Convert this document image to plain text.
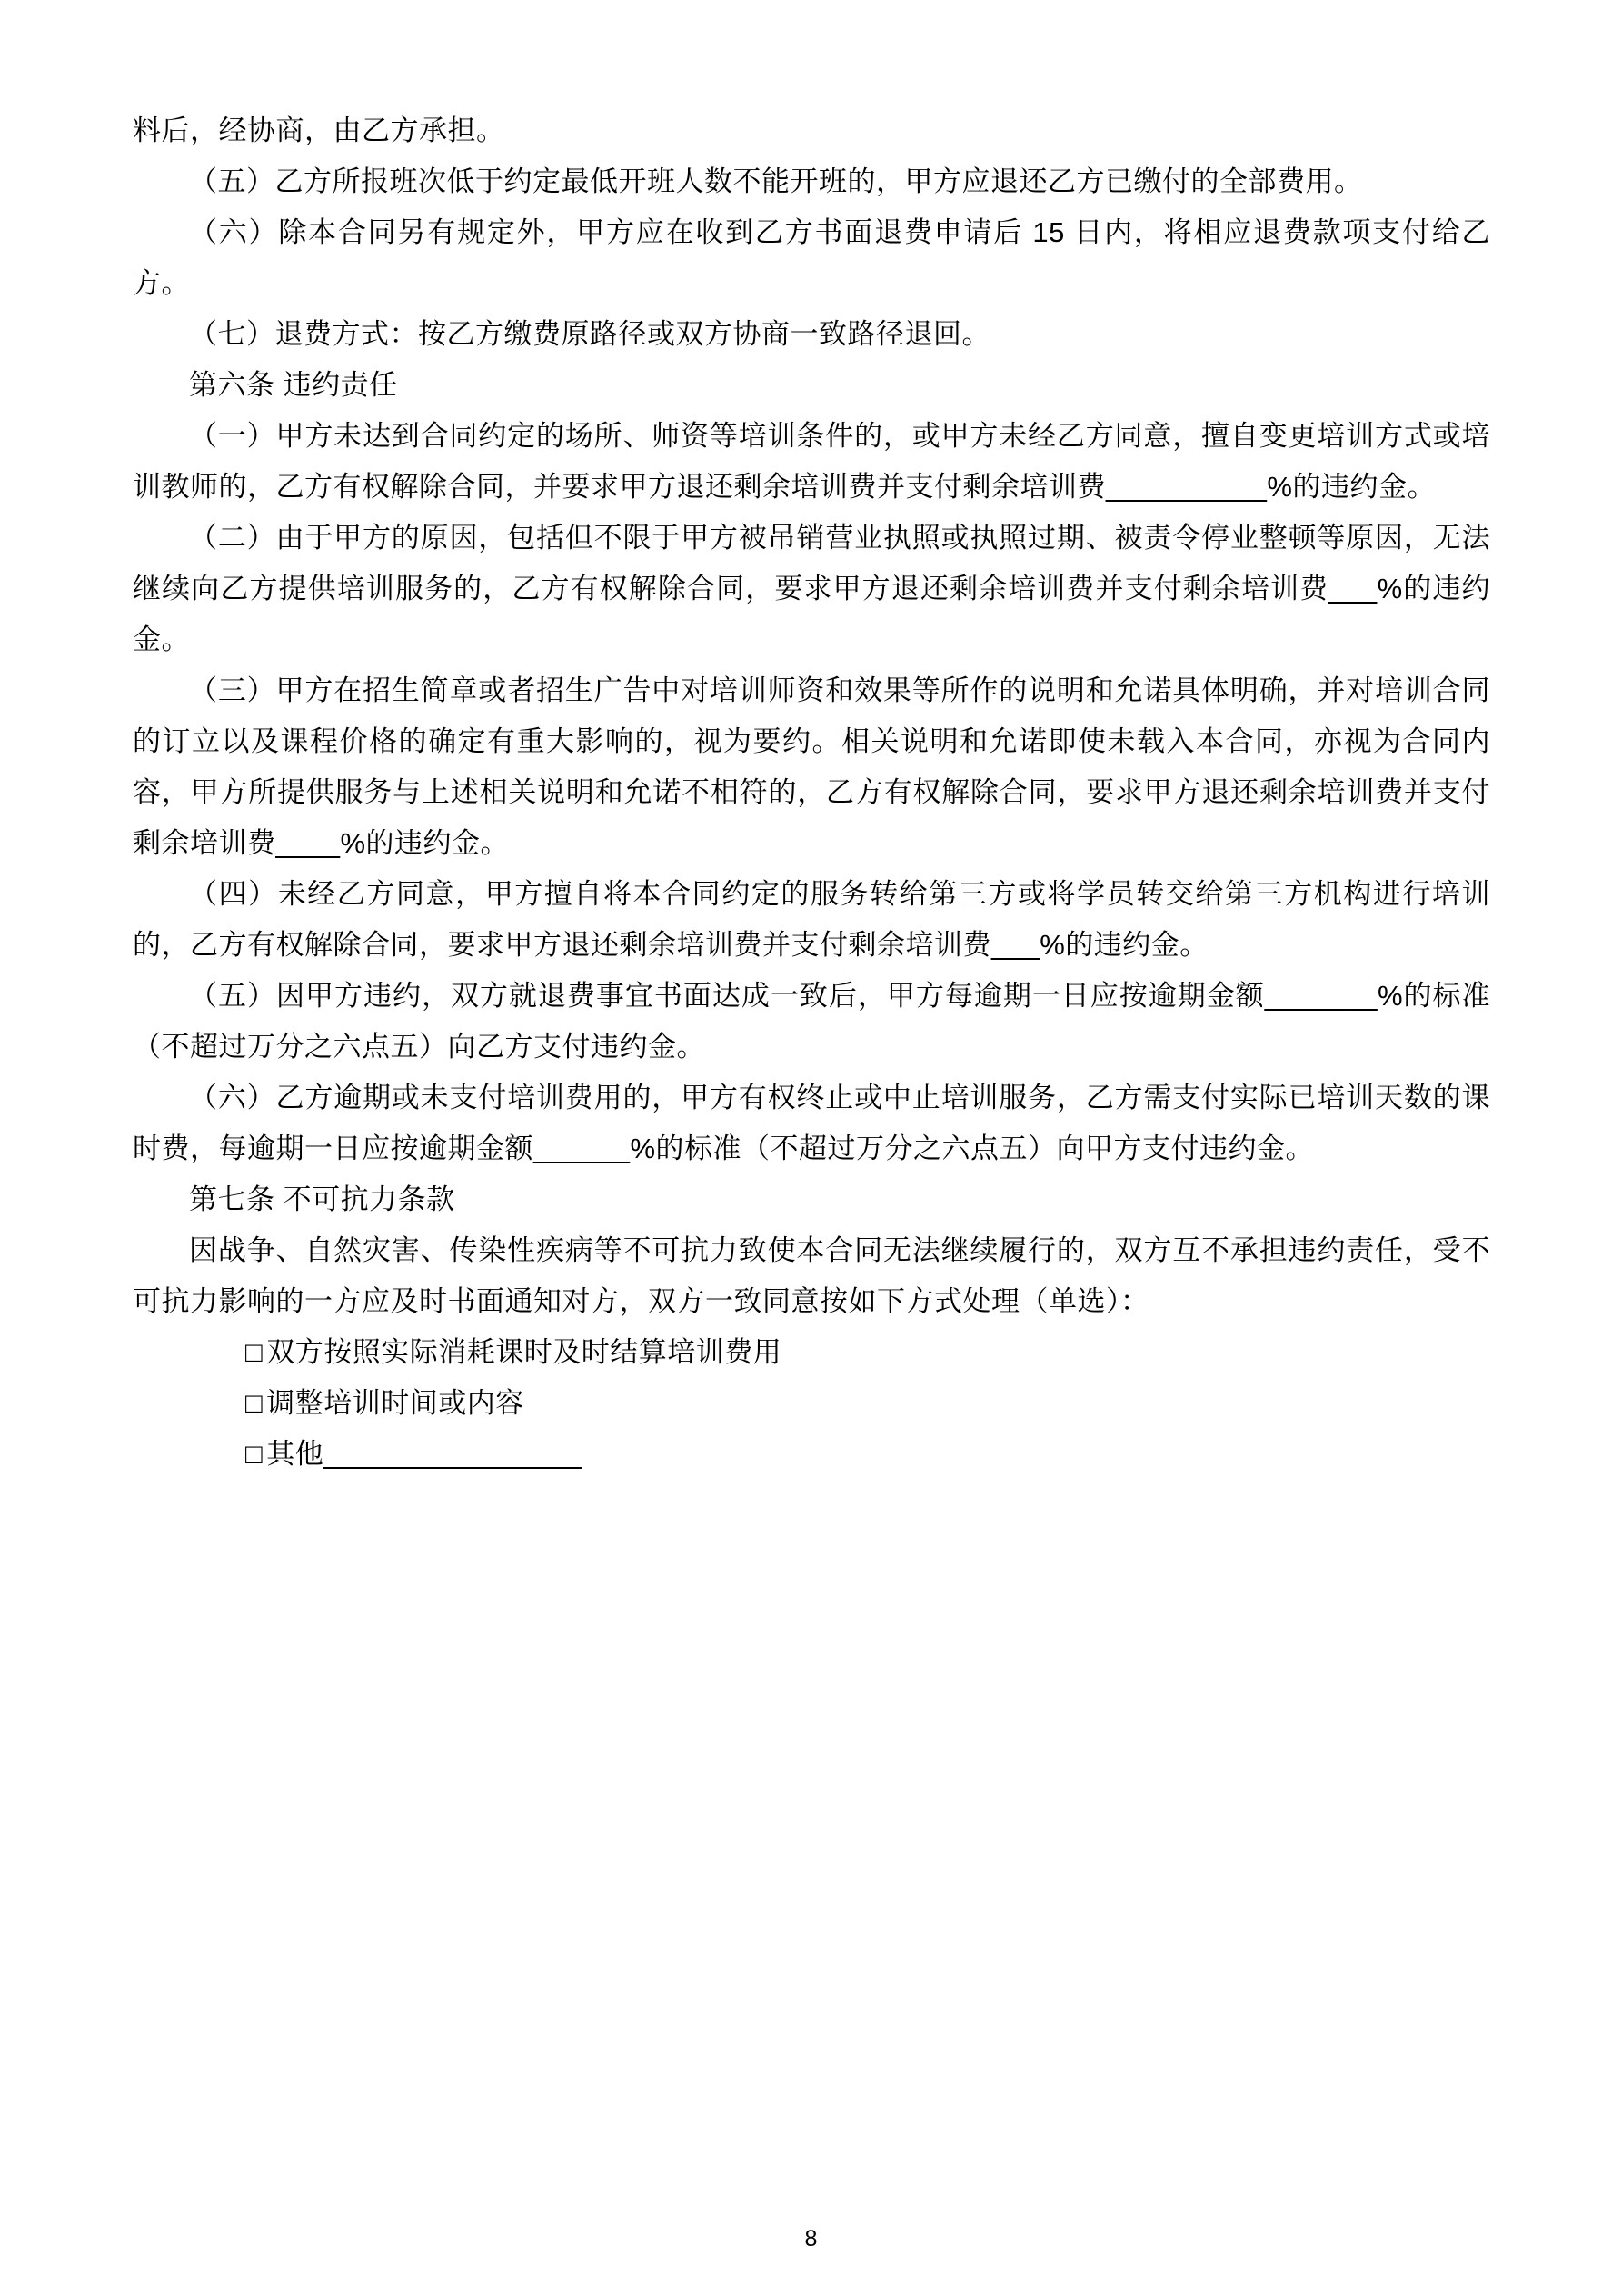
料后，经协商，由乙方承担。

（五）乙方所报班次低于约定最低开班人数不能开班的，甲方应退还乙方已缴付的全部费用。

（六）除本合同另有规定外，甲方应在收到乙方书面退费申请后 15 日内，将相应退费款项支付给乙方。

（七）退费方式：按乙方缴费原路径或双方协商一致路径退回。

第六条 违约责任

（一）甲方未达到合同约定的场所、师资等培训条件的，或甲方未经乙方同意，擅自变更培训方式或培训教师的，乙方有权解除合同，并要求甲方退还剩余培训费并支付剩余培训费__________%的违约金。

（二）由于甲方的原因，包括但不限于甲方被吊销营业执照或执照过期、被责令停业整顿等原因，无法继续向乙方提供培训服务的，乙方有权解除合同，要求甲方退还剩余培训费并支付剩余培训费___%的违约金。

（三）甲方在招生简章或者招生广告中对培训师资和效果等所作的说明和允诺具体明确，并对培训合同的订立以及课程价格的确定有重大影响的，视为要约。相关说明和允诺即使未载入本合同，亦视为合同内容，甲方所提供服务与上述相关说明和允诺不相符的，乙方有权解除合同，要求甲方退还剩余培训费并支付剩余培训费____%的违约金。

（四）未经乙方同意，甲方擅自将本合同约定的服务转给第三方或将学员转交给第三方机构进行培训的，乙方有权解除合同，要求甲方退还剩余培训费并支付剩余培训费___%的违约金。

（五）因甲方违约，双方就退费事宜书面达成一致后，甲方每逾期一日应按逾期金额_______%的标准（不超过万分之六点五）向乙方支付违约金。

（六）乙方逾期或未支付培训费用的，甲方有权终止或中止培训服务，乙方需支付实际已培训天数的课时费，每逾期一日应按逾期金额______%的标准（不超过万分之六点五）向甲方支付违约金。

第七条 不可抗力条款

因战争、自然灾害、传染性疾病等不可抗力致使本合同无法继续履行的，双方互不承担违约责任，受不可抗力影响的一方应及时书面通知对方，双方一致同意按如下方式处理（单选）：

□ 双方按照实际消耗课时及时结算培训费用

□ 调整培训时间或内容

□ 其他________________

8
